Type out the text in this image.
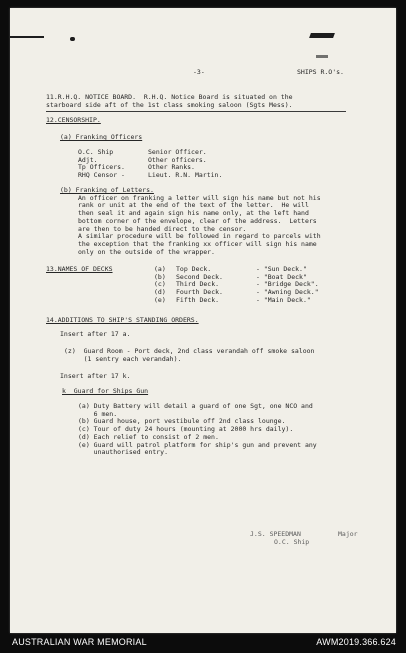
-3-	SHIPS R.O's.
11.R.H.Q. NOTICE BOARD.  R.H.Q. Notice Board is situated on the
starboard side aft of the 1st class smoking saloon (Sgts Mess).
12.CENSORSHIP.
(a) Franking Officers
O.C. Ship	Senior Officer.
Adjt.	Other officers.
Tp Officers.	Other Ranks.
RHQ Censor -	Lieut. R.N. Martin.
(b) Franking of Letters.
An officer on franking a letter will sign his name but not his
rank or unit at the end of the text of the letter.  He will
then seal it and again sign his name only, at the left hand
bottom corner of the envelope, clear of the address.  Letters
are then to be handed direct to the censor.
A similar procedure will be followed in regard to parcels with
the exception that the franking xx officer will sign his name
only on the outside of the wrapper.
13.NAMES OF DECKS	(a) Top Deck.	- "Sun Deck."
(b) Second Deck.	- "Boat Deck"
(c) Third Deck.	- "Bridge Deck".
(d) Fourth Deck.	- "Awning Deck."
(e) Fifth Deck.	- "Main Deck."
14.ADDITIONS TO SHIP'S STANDING ORDERS.
Insert after 17 a.
(z)  Guard Room - Port deck, 2nd class verandah off smoke saloon
(1 sentry each verandah).
Insert after 17 k.
k  Guard for Ships Gun
(a) Duty Battery will detail a guard of one Sgt, one NCO and
6 men.
(b) Guard house, port vestibule off 2nd class lounge.
(c) Tour of duty 24 hours (mounting at 2000 hrs daily).
(d) Each relief to consist of 2 men.
(e) Guard will patrol platform for ship's gun and prevent any
unauthorised entry.
J.S. SPEEDMAN	Major
O.C. Ship
AUSTRALIAN WAR MEMORIAL	AWM2019.366.624
